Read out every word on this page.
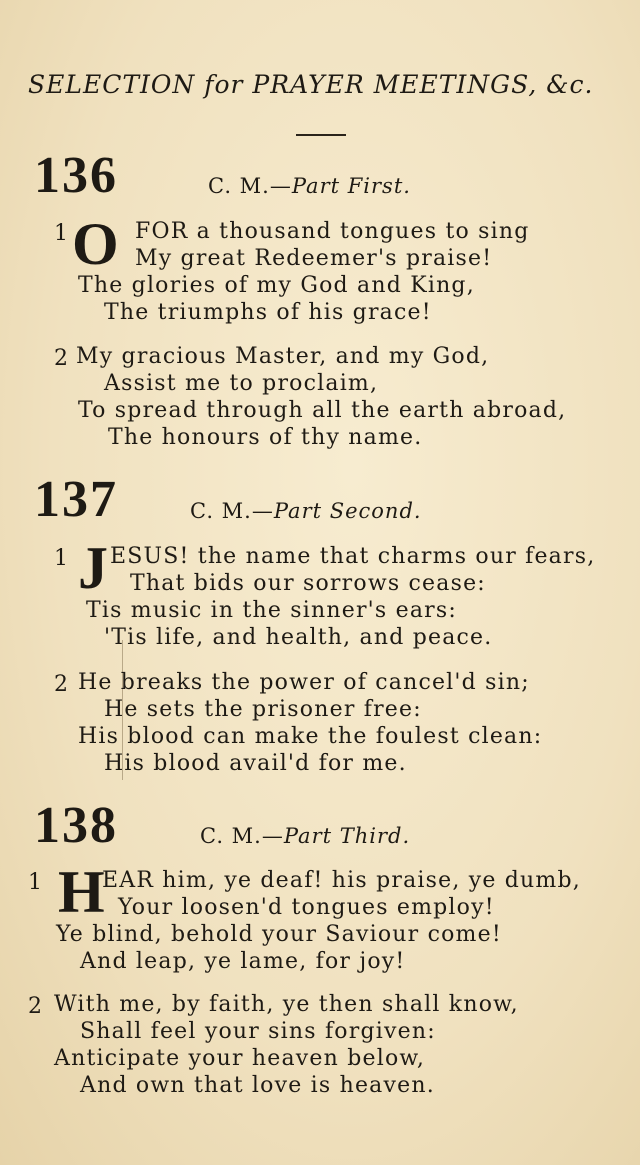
SELECTION for PRAYER MEETINGS, &c.
136	C. M.—Part First.
1 O FOR a thousand tongues to sing
My great Redeemer's praise!
The glories of my God and King,
The triumphs of his grace!
2 My gracious Master, and my God,
Assist me to proclaim,
To spread through all the earth abroad,
The honours of thy name.
137	C. M.—Part Second.
1 J ESUS! the name that charms our fears,
That bids our sorrows cease:
Tis music in the sinner's ears:
'Tis life, and health, and peace.
2 He breaks the power of cancel'd sin;
He sets the prisoner free:
His blood can make the foulest clean:
His blood avail'd for me.
138	C. M.—Part Third.
1 H
EAR him, ye deaf! his praise, ye dumb,
Your loosen'd tongues employ!
Ye blind, behold your Saviour come!
And leap, ye lame, for joy!
2 With me, by faith, ye then shall know,
Shall feel your sins forgiven:
Anticipate your heaven below,
And own that love is heaven.
